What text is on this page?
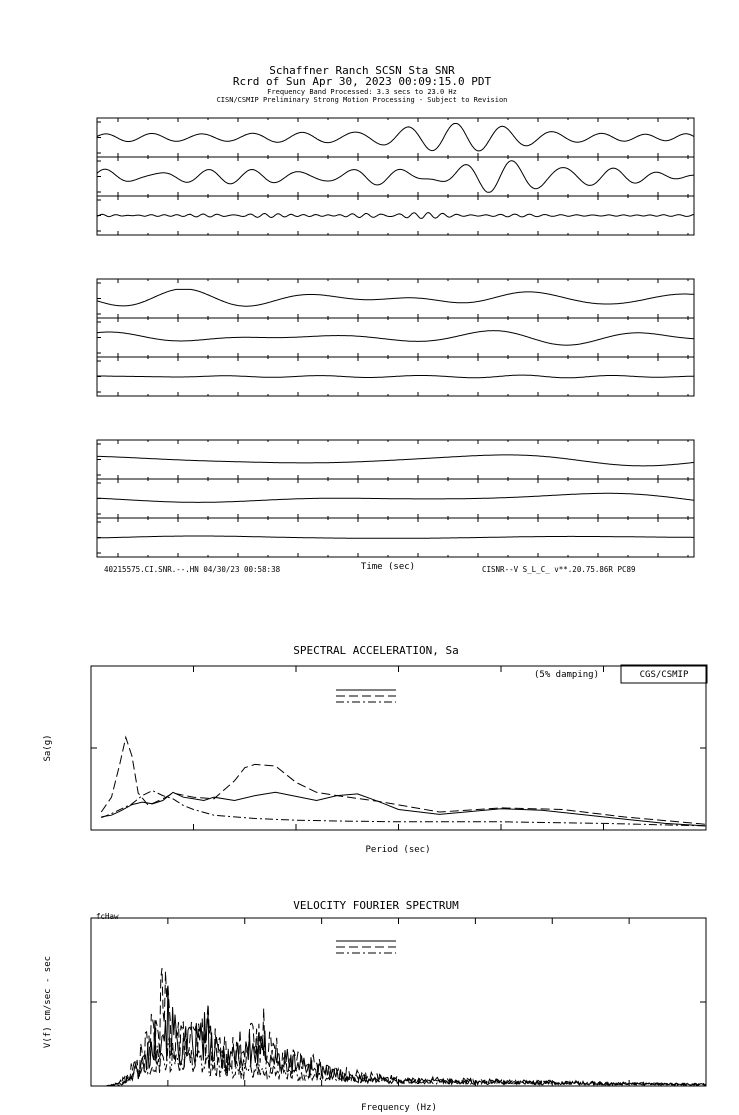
Schaffner Ranch SCSN Sta SNR
Rcrd of Sun Apr 30, 2023 00:09:15.0 PDT
Frequency Band Processed: 3.3 secs to 23.0 Hz
CISN/CSMIP Preliminary Strong Motion Processing - Subject to Revision
Time (sec)
40215575.CI.SNR.--.HN 04/30/23 00:58:38	CISNR--V S_L_C_ v**.20.75.86R PC89
SPECTRAL ACCELERATION, Sa
(5% damping)	CGS/CSMIP
Sa(g)
Period (sec)
VELOCITY FOURIER SPECTRUM
fcHaw
V(f) cm/sec - sec
Frequency (Hz)
